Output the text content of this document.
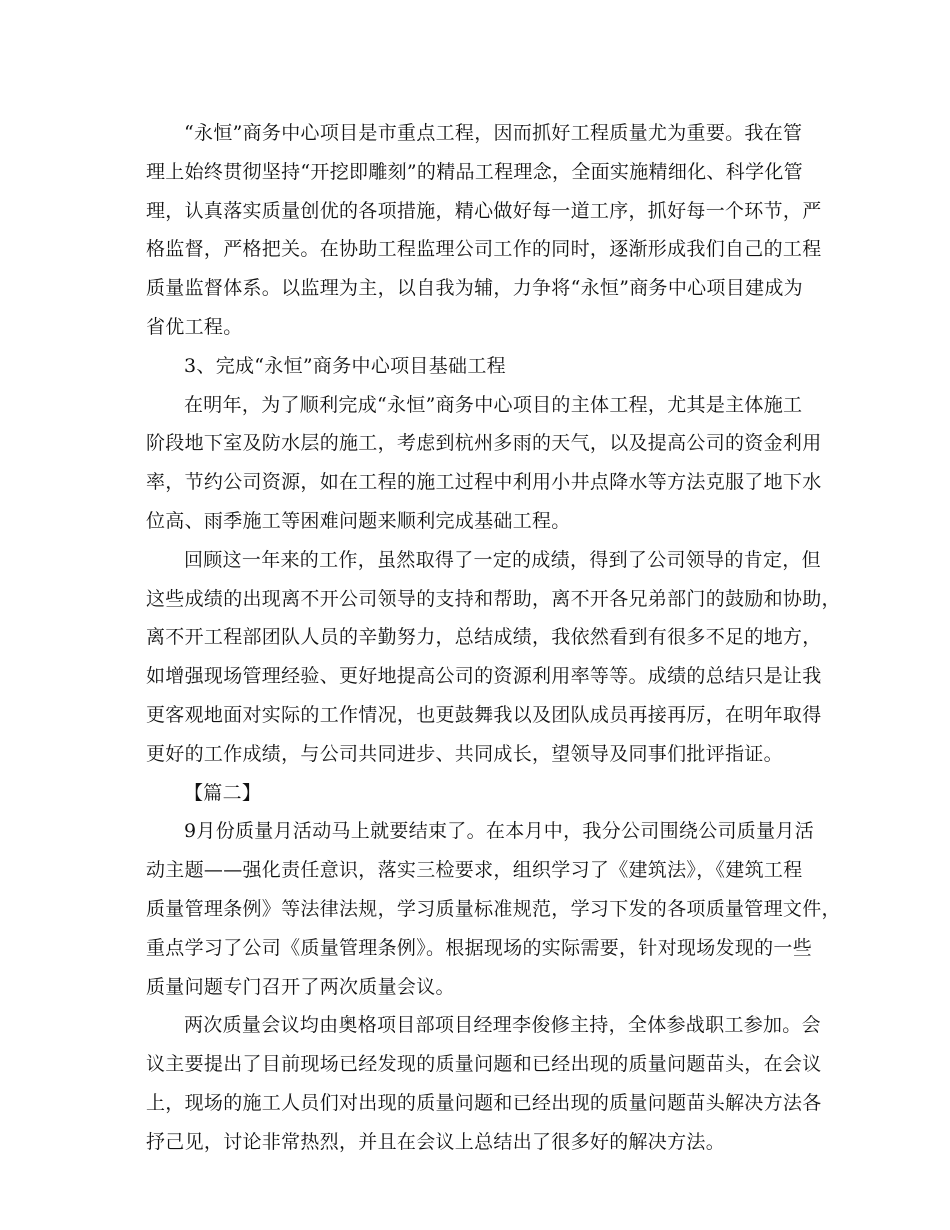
“永恒”商务中心项目是市重点工程，因而抓好工程质量尤为重要。我在管
理上始终贯彻坚持“开挖即雕刻”的精品工程理念，全面实施精细化、科学化管
理，认真落实质量创优的各项措施，精心做好每一道工序，抓好每一个环节，严
格监督，严格把关。在协助工程监理公司工作的同时，逐渐形成我们自己的工程
质量监督体系。以监理为主，以自我为辅，力争将“永恒”商务中心项目建成为
省优工程。
3、完成“永恒”商务中心项目基础工程
在明年，为了顺利完成“永恒”商务中心项目的主体工程，尤其是主体施工
阶段地下室及防水层的施工，考虑到杭州多雨的天气，以及提高公司的资金利用
率，节约公司资源，如在工程的施工过程中利用小井点降水等方法克服了地下水
位高、雨季施工等困难问题来顺利完成基础工程。
回顾这一年来的工作，虽然取得了一定的成绩，得到了公司领导的肯定，但
这些成绩的出现离不开公司领导的支持和帮助，离不开各兄弟部门的鼓励和协助，
离不开工程部团队人员的辛勤努力，总结成绩，我依然看到有很多不足的地方，
如增强现场管理经验、更好地提高公司的资源利用率等等。成绩的总结只是让我
更客观地面对实际的工作情况，也更鼓舞我以及团队成员再接再厉，在明年取得
更好的工作成绩，与公司共同进步、共同成长，望领导及同事们批评指证。
【篇二】
9月份质量月活动马上就要结束了。在本月中，我分公司围绕公司质量月活
动主题——强化责任意识，落实三检要求，组织学习了《建筑法》，《建筑工程
质量管理条例》等法律法规，学习质量标准规范，学习下发的各项质量管理文件，
重点学习了公司《质量管理条例》。根据现场的实际需要，针对现场发现的一些
质量问题专门召开了两次质量会议。
两次质量会议均由奥格项目部项目经理李俊修主持，全体参战职工参加。会
议主要提出了目前现场已经发现的质量问题和已经出现的质量问题苗头，在会议
上，现场的施工人员们对出现的质量问题和已经出现的质量问题苗头解决方法各
抒己见，讨论非常热烈，并且在会议上总结出了很多好的解决方法。
